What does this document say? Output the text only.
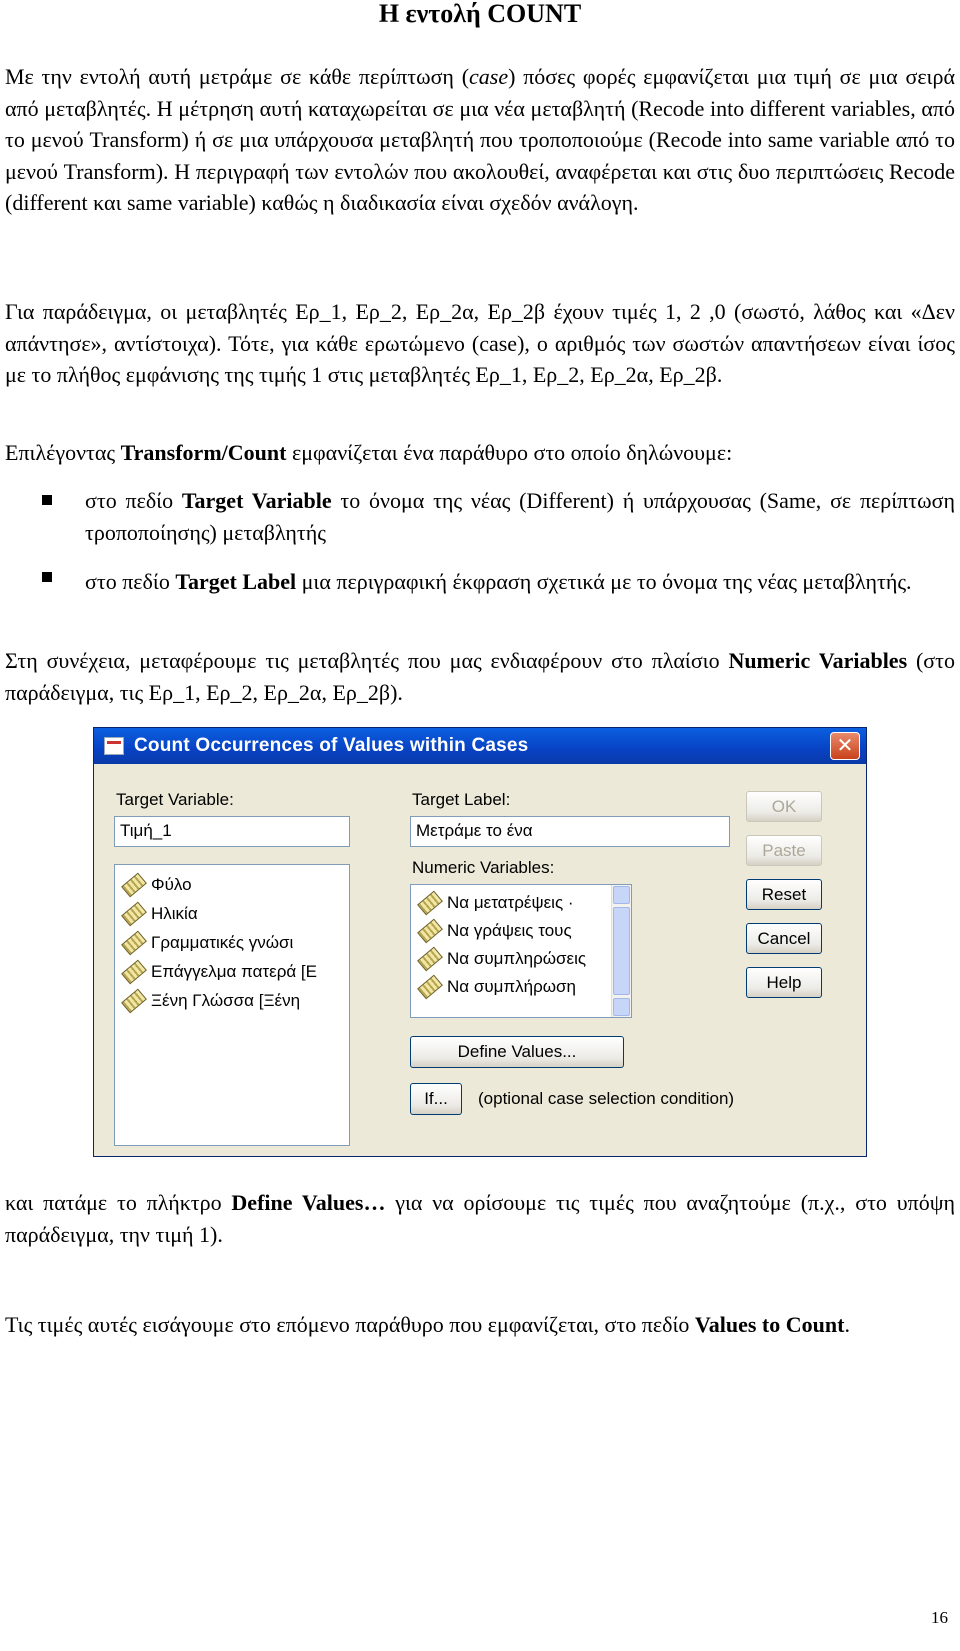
Η εντολή COUNT
Με την εντολή αυτή μετράμε σε κάθε περίπτωση (case) πόσες φορές εμφανίζεται μια τιμή σε μια σειρά από μεταβλητές. Η μέτρηση αυτή καταχωρείται σε μια νέα μεταβλητή (Recode into different variables, από το μενού Transform) ή σε μια υπάρχουσα μεταβλητή που τροποποιούμε (Recode into same variable από το μενού Transform). Η περιγραφή των εντολών που ακολουθεί, αναφέρεται και στις δυο περιπτώσεις Recode (different και same variable) καθώς η διαδικασία είναι σχεδόν ανάλογη.
Για παράδειγμα, οι μεταβλητές Ερ_1, Ερ_2, Ερ_2α, Ερ_2β έχουν τιμές 1, 2 ,0 (σωστό, λάθος και «Δεν απάντησε», αντίστοιχα). Τότε, για κάθε ερωτώμενο (case), ο αριθμός των σωστών απαντήσεων είναι ίσος με το πλήθος εμφάνισης της τιμής 1 στις μεταβλητές Ερ_1, Ερ_2, Ερ_2α, Ερ_2β.
Επιλέγοντας Transform/Count εμφανίζεται ένα παράθυρο στο οποίο δηλώνουμε:
στο πεδίο Target Variable το όνομα της νέας (Different) ή υπάρχουσας (Same, σε περίπτωση τροποποίησης) μεταβλητής
στο πεδίο Target Label μια περιγραφική έκφραση σχετικά με το όνομα της νέας μεταβλητής.
Στη συνέχεια, μεταφέρουμε τις μεταβλητές που μας ενδιαφέρουν στο πλαίσιο Numeric Variables (στο παράδειγμα, τις Ερ_1, Ερ_2, Ερ_2α, Ερ_2β).
Count Occurrences of Values within Cases	✕
Target Variable:
Τιμή_1
Target Label:
Μετράμε το ένα
Φύλο
Ηλικία
Γραμματικές γνώσι
Επάγγελμα πατερά [Ε
Ξένη Γλώσσα [Ξένη
Numeric Variables:
Να μετατρέψεις ·
Να γράψεις τους
Να συμπληρώσεις
Να συμπλήρωση
OK
Paste
Reset
Cancel
Help
Define Values...
If...	(optional case selection condition)
και πατάμε το πλήκτρο Define Values… για να ορίσουμε τις τιμές που αναζητούμε (π.χ., στο υπόψη παράδειγμα, την τιμή 1).
Τις τιμές αυτές εισάγουμε στο επόμενο παράθυρο που εμφανίζεται, στο πεδίο Values to Count.
16
